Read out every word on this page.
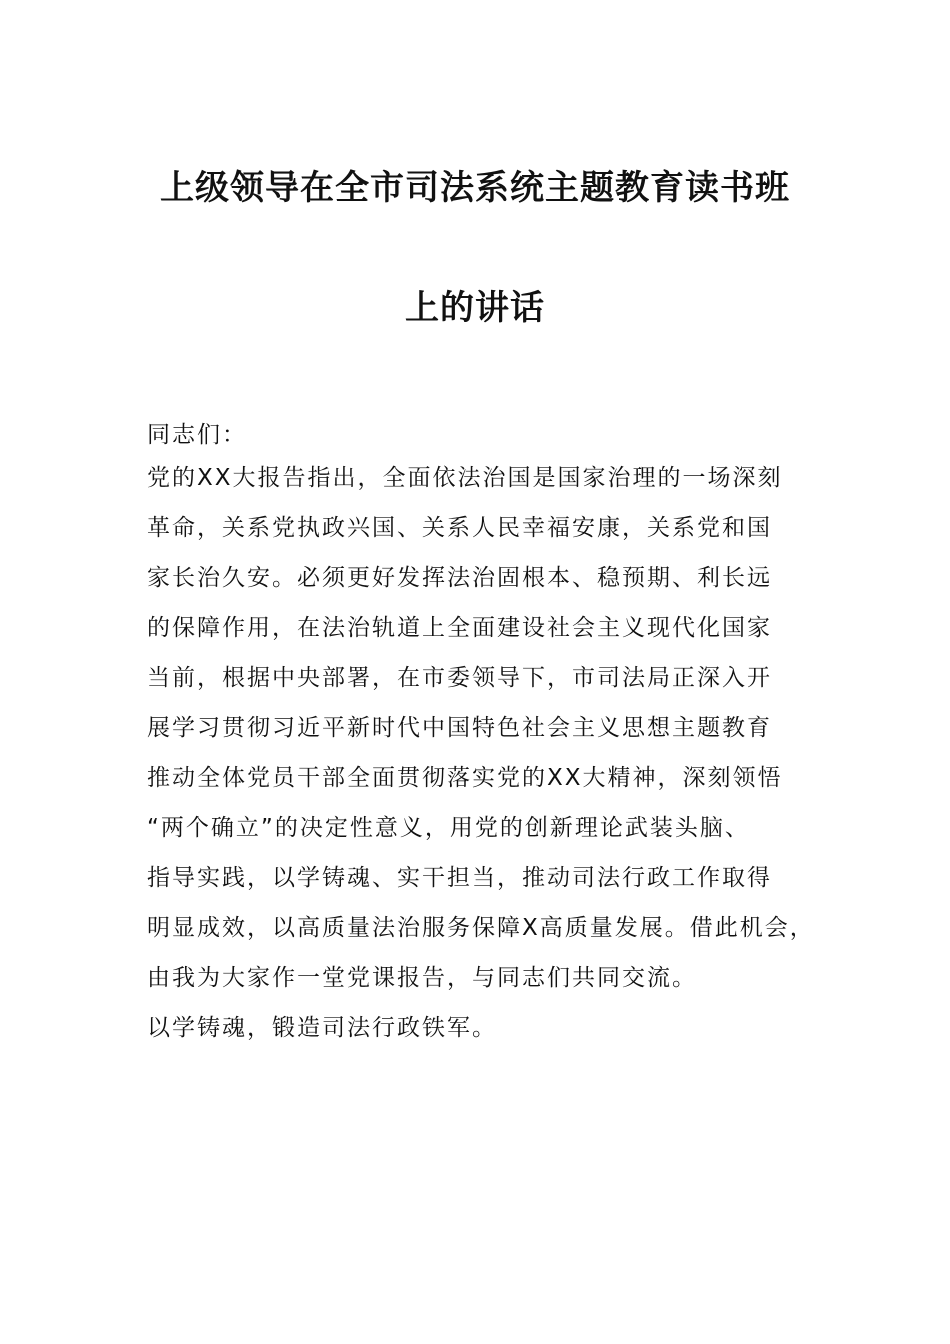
上级领导在全市司法系统主题教育读书班
上的讲话
同志们：
党的XX大报告指出，全面依法治国是国家治理的一场深刻
革命，关系党执政兴国、关系人民幸福安康，关系党和国
家长治久安。必须更好发挥法治固根本、稳预期、利长远
的保障作用，在法治轨道上全面建设社会主义现代化国家
当前，根据中央部署，在市委领导下，市司法局正深入开
展学习贯彻习近平新时代中国特色社会主义思想主题教育
推动全体党员干部全面贯彻落实党的XX大精神，深刻领悟
“两个确立”的决定性意义，用党的创新理论武装头脑、
指导实践，以学铸魂、实干担当，推动司法行政工作取得
明显成效，以高质量法治服务保障X高质量发展。借此机会，
由我为大家作一堂党课报告，与同志们共同交流。
以学铸魂，锻造司法行政铁军。
